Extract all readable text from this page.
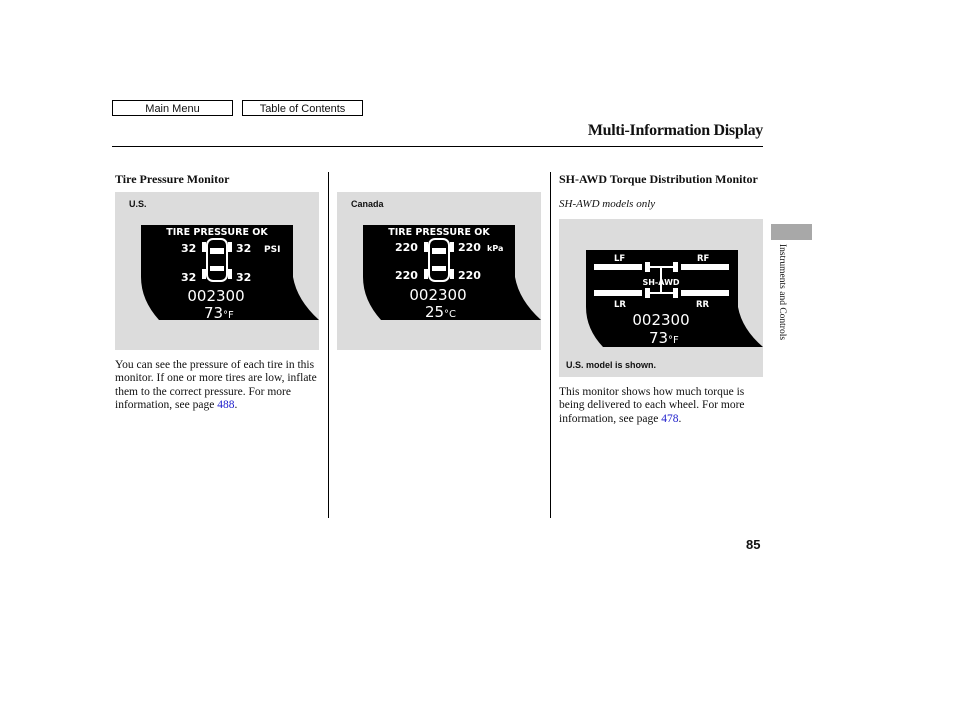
Main Menu	Table of Contents
Multi-Information Display
Tire Pressure Monitor
U.S.
TIRE PRESSURE OK
32	32 PSI
32	32
002300
73 °F
You can see the pressure of each tire in this monitor. If one or more tires are low, inflate them to the correct pressure. For more information, see page 488.
Canada
TIRE PRESSURE OK
220	220 kPa
220	220
002300
25 °C
SH-AWD Torque Distribution Monitor
SH-AWD models only
LF	RF
LR	RR
SH-AWD
002300
73 °F
U.S. model is shown.
This monitor shows how much torque is being delivered to each wheel. For more information, see page 478.
Instruments and Controls
85
